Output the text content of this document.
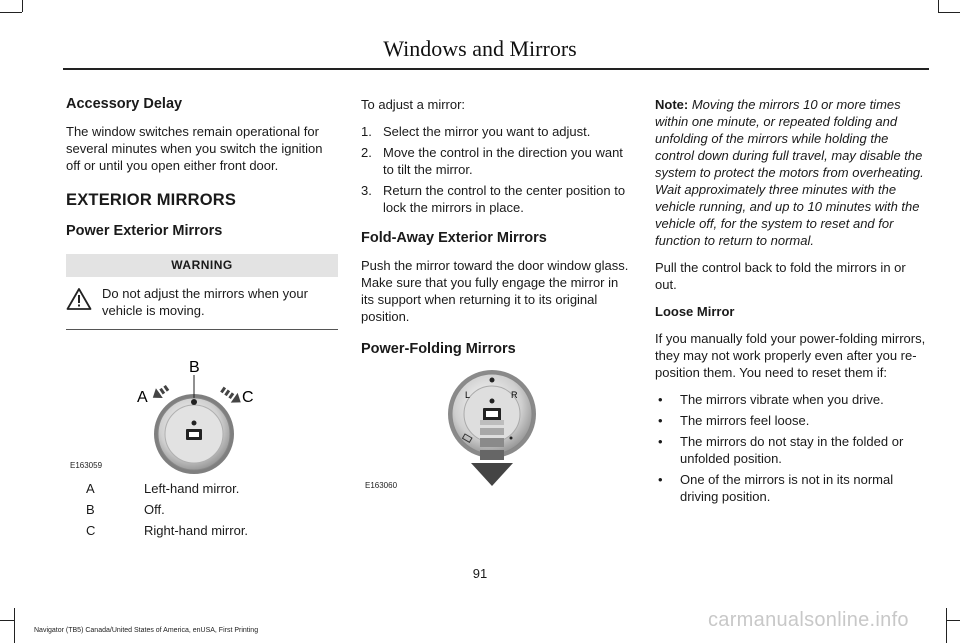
Windows and Mirrors
Accessory Delay

The window switches remain operational for several minutes when you switch the ignition off or until you open either front door.

EXTERIOR MIRRORS
Power Exterior Mirrors
WARNING
Do not adjust the mirrors when your vehicle is moving.
B
A	C
E163059
A	Left-hand mirror.
B	Off.
C	Right-hand mirror.

To adjust a mirror:

1. Select the mirror you want to adjust.
2. Move the control in the direction you want to tilt the mirror.
3. Return the control to the center position to lock the mirrors in place.
Fold-Away Exterior Mirrors

Push the mirror toward the door window glass. Make sure that you fully engage the mirror in its support when returning it to its original position.

Power-Folding Mirrors
L	R
E163060

Note: Moving the mirrors 10 or more times within one minute, or repeated folding and unfolding of the mirrors while holding the control down during full travel, may disable the system to protect the motors from overheating. Wait approximately three minutes with the vehicle running, and up to 10 minutes with the vehicle off, for the system to reset and for function to return to normal.

Pull the control back to fold the mirrors in or out.

Loose Mirror

If you manually fold your power-folding mirrors, they may not work properly even after you re-position them. You need to reset them if:

•	The mirrors vibrate when you drive.
•	The mirrors feel loose.
•	The mirrors do not stay in the folded or unfolded position.
•	One of the mirrors is not in its normal driving position.
91
Navigator (TB5) Canada/United States of America, enUSA, First Printing	carmanualsonline.info
